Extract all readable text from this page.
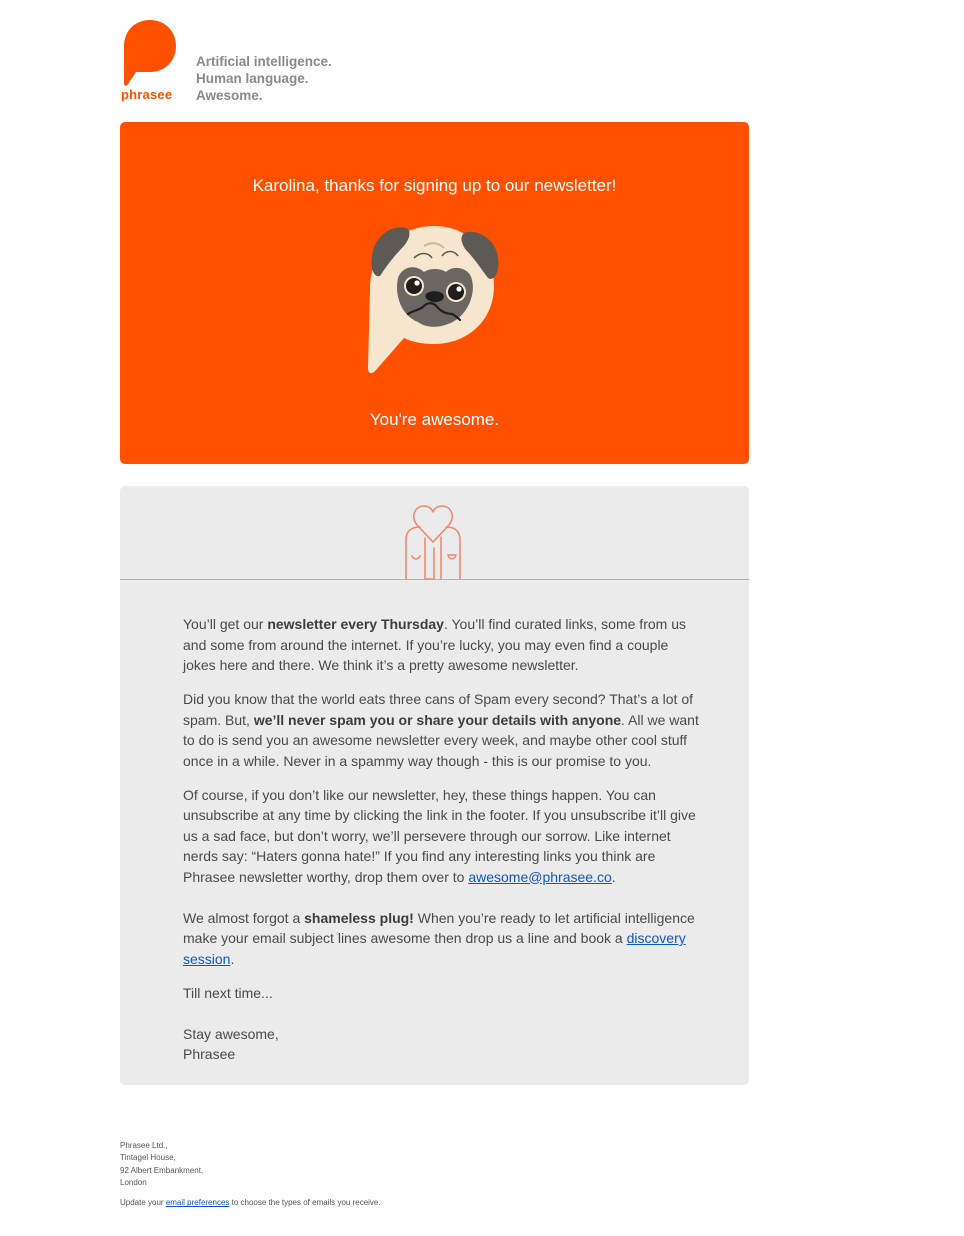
phrasee
Artificial intelligence.
Human language.
Awesome.
Karolina, thanks for signing up to our newsletter!
You're awesome.

You’ll get our newsletter every Thursday. You’ll find curated links, some from us and some from around the internet. If you’re lucky, you may even find a couple jokes here and there. We think it’s a pretty awesome newsletter.

Did you know that the world eats three cans of Spam every second? That’s a lot of spam. But, we’ll never spam you or share your details with anyone. All we want to do is send you an awesome newsletter every week, and maybe other cool stuff once in a while. Never in a spammy way though - this is our promise to you.

Of course, if you don’t like our newsletter, hey, these things happen. You can unsubscribe at any time by clicking the link in the footer. If you unsubscribe it’ll give us a sad face, but don’t worry, we’ll persevere through our sorrow. Like internet nerds say: “Haters gonna hate!” If you find any interesting links you think are Phrasee newsletter worthy, drop them over to awesome@phrasee.co.

We almost forgot a shameless plug! When you’re ready to let artificial intelligence make your email subject lines awesome then drop us a line and book a discovery session.

Till next time...

Stay awesome,
Phrasee
Phrasee Ltd.,
Tintagel House,
92 Albert Embankment,
London
Update your email preferences to choose the types of emails you receive.
